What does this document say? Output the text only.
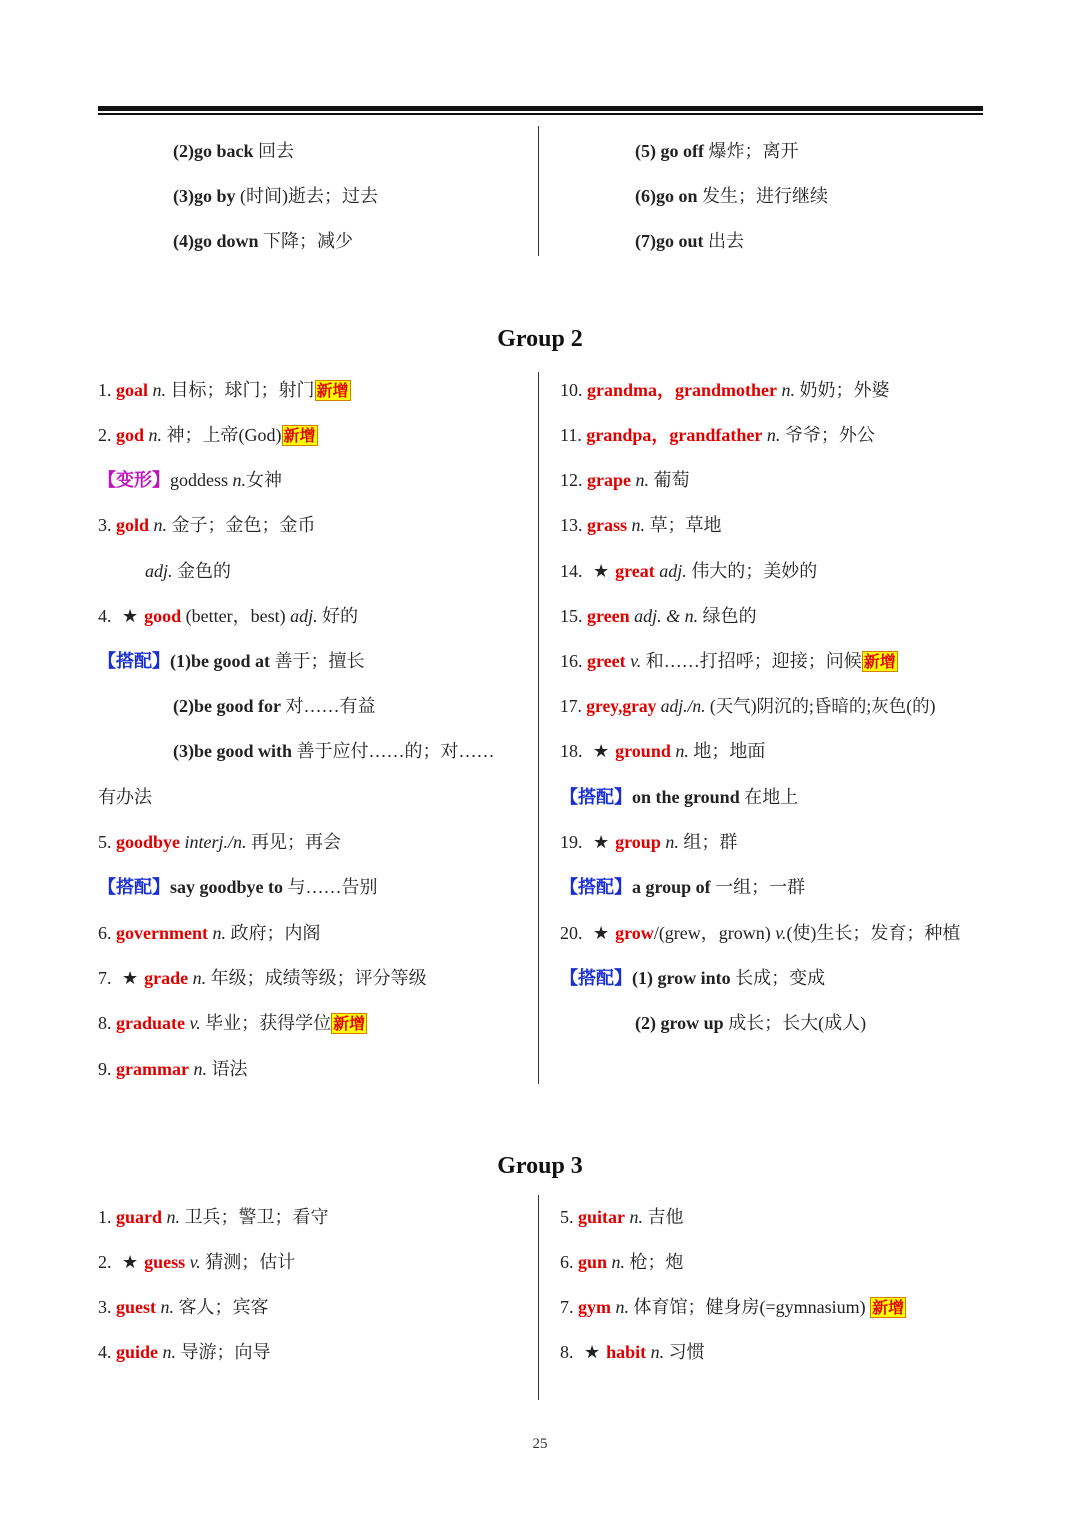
(2)go back 回去
(3)go by (时间)逝去；过去
(4)go down 下降；减少
(5) go off 爆炸；离开
(6)go on 发生；进行继续
(7)go out 出去
Group 2
1. goal n. 目标；球门；射门 新增
2. god n. 神；上帝(God) 新增
【变形】goddess n.女神
3. gold n. 金子；金色；金币
adj. 金色的
4. ★ good (better，best) adj. 好的
【搭配】(1)be good at 善于；擅长
(2)be good for 对……有益
(3)be good with 善于应付……的；对……
有办法
5. goodbye interj./n. 再见；再会
【搭配】say goodbye to 与……告别
6. government n. 政府；内阁
7. ★ grade n. 年级；成绩等级；评分等级
8. graduate v. 毕业；获得学位 新增
9. grammar n. 语法
10. grandma，grandmother n. 奶奶；外婆
11. grandpa，grandfather n. 爷爷；外公
12. grape n. 葡萄
13. grass n. 草；草地
14. ★ great adj. 伟大的；美妙的
15. green adj. & n. 绿色的
16. greet v. 和……打招呼；迎接；问候 新增
17. grey,gray adj./n. (天气)阴沉的;昏暗的;灰色(的)
18. ★ ground n. 地；地面
【搭配】on the ground 在地上
19. ★ group n. 组；群
【搭配】a group of 一组；一群
20. ★ grow/(grew，grown) v.(使)生长；发育；种植
【搭配】(1) grow into 长成；变成
(2) grow up 成长；长大(成人)
Group 3
1. guard n. 卫兵；警卫；看守
2. ★ guess v. 猜测；估计
3. guest n. 客人；宾客
4. guide n. 导游；向导
5. guitar n. 吉他
6. gun n. 枪；炮
7. gym n. 体育馆；健身房(=gymnasium) 新增
8. ★ habit n. 习惯
25
